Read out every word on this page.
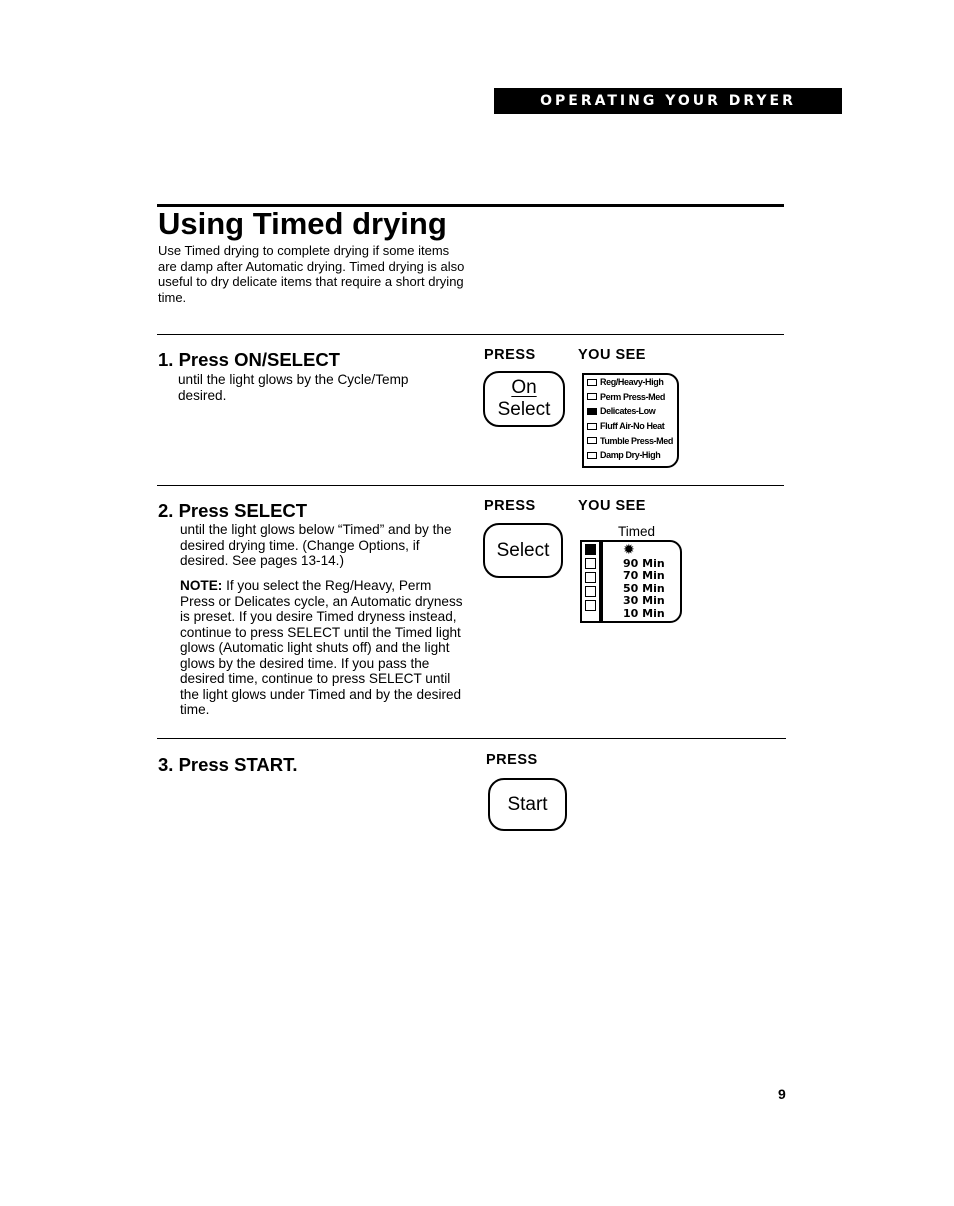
OPERATING YOUR DRYER
Using Timed drying
Use Timed drying to complete drying if some items are damp after Automatic drying. Timed drying is also useful to dry delicate items that require a short drying time.
1. Press ON/SELECT
until the light glows by the Cycle/Temp desired.
PRESS	YOU SEE
On
Select
Reg/Heavy-High
Perm Press-Med
Delicates-Low
Fluff Air-No Heat
Tumble Press-Med
Damp Dry-High
2. Press SELECT
until the light glows below “Timed” and by the desired drying time. (Change Options, if desired. See pages 13-14.)
NOTE: If you select the Reg/Heavy, Perm Press or Delicates cycle, an Automatic dryness is preset. If you desire Timed dryness instead, continue to press SELECT until the Timed light glows (Automatic light shuts off) and the light glows by the desired time. If you pass the desired time, continue to press SELECT until the light glows under Timed and by the desired time.
PRESS	YOU SEE
Select
Timed
✹
90 Min
70 Min
50 Min
30 Min
10 Min
3. Press START.	PRESS
Start
9
